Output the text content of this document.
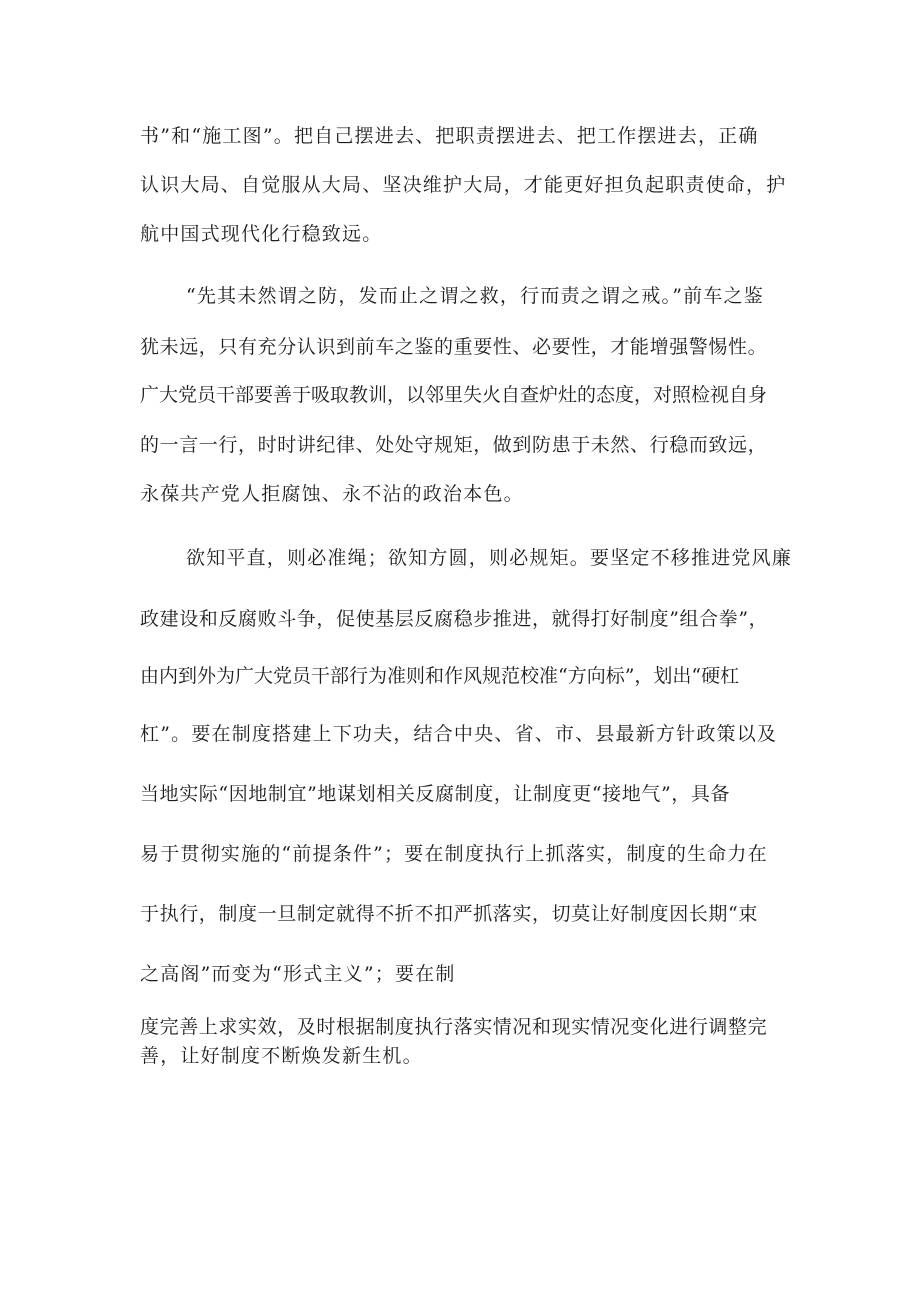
书”和“施工图”。把自己摆进去、把职责摆进去、把工作摆进去，正确
认识大局、自觉服从大局、坚决维护大局，才能更好担负起职责使命，护
航中国式现代化行稳致远。
“先其未然谓之防，发而止之谓之救，行而责之谓之戒。”前车之鉴
犹未远，只有充分认识到前车之鉴的重要性、必要性，才能增强警惕性。
广大党员干部要善于吸取教训，以邻里失火自查炉灶的态度，对照检视自身
的一言一行，时时讲纪律、处处守规矩，做到防患于未然、行稳而致远，
永葆共产党人拒腐蚀、永不沾的政治本色。
欲知平直，则必准绳；欲知方圆，则必规矩。要坚定不移推进党风廉
政建设和反腐败斗争，促使基层反腐稳步推进，就得打好制度”组合拳”，
由内到外为广大党员干部行为准则和作风规范校准“方向标”，划出“硬杠
杠”。要在制度搭建上下功夫，结合中央、省、市、县最新方针政策以及
当地实际“因地制宜”地谋划相关反腐制度，让制度更“接地气”，具备
易于贯彻实施的“前提条件”；要在制度执行上抓落实，制度的生命力在
于执行，制度一旦制定就得不折不扣严抓落实，切莫让好制度因长期“束
之高阁”而变为“形式主义”；要在制
度完善上求实效，及时根据制度执行落实情况和现实情况变化进行调整完
善，让好制度不断焕发新生机。
